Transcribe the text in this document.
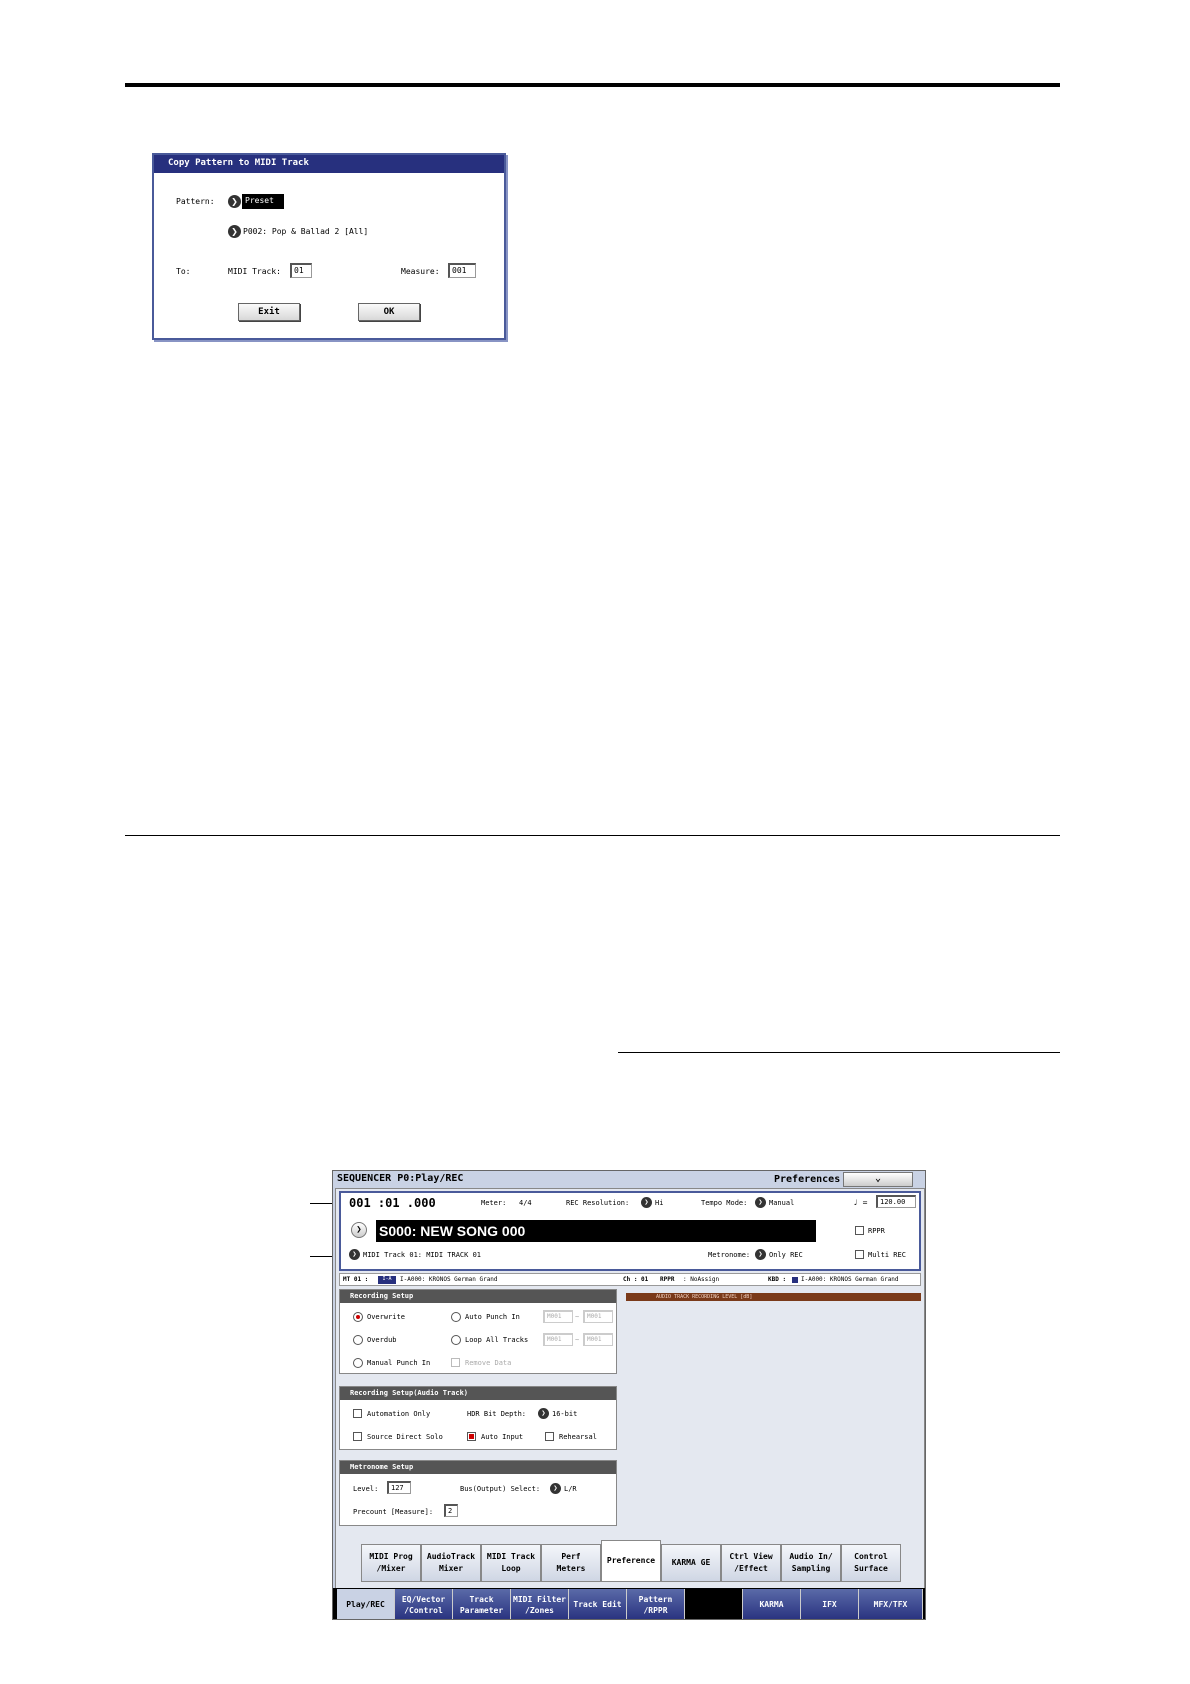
Copy Pattern to MIDI Track
Pattern:	❯ Preset
❯ P002: Pop & Ballad 2 [All]
To:	MIDI Track:	01	Measure:	001
Exit	OK
SEQUENCER P0:Play/REC	Preferences	⌄
001 :01 .000	Meter: 4/4	REC Resolution:	❯ Hi	Tempo Mode:	❯ Manual	♩ =	120.00
❯	S000: NEW SONG 000	RPPR
❯ MIDI Track 01: MIDI TRACK 01	Metronome:	❯ Only REC	Multi REC
MT 01 :	I-A	I-A000: KRONOS German Grand	Ch : 01 RPPR : NoAssign	KBD : I-A000: KRONOS German Grand
AUDIO TRACK RECORDING LEVEL [dB]
Recording Setup
Overwrite
Overdub
Manual Punch In
Auto Punch In
Loop All Tracks
Remove Data
M001	~	M001
M001	~	M001
Recording Setup(Audio Track)
Automation Only	HDR Bit Depth:	❯ 16-bit
Source Direct Solo	Auto Input	Rehearsal
Metronome Setup
Level:	127	Bus(Output) Select:	❯ L/R
Precount [Measure]:	2
MIDI Prog
/Mixer
AudioTrack
Mixer
MIDI Track
Loop
Perf
Meters
Preference	KARMA GE
Ctrl View
/Effect
Audio In/
Sampling
Control
Surface
Play/REC
EQ/Vector
/Control
Track
Parameter
MIDI Filter
/Zones
Track Edit
Pattern
/RPPR
KARMA	IFX	MFX/TFX
